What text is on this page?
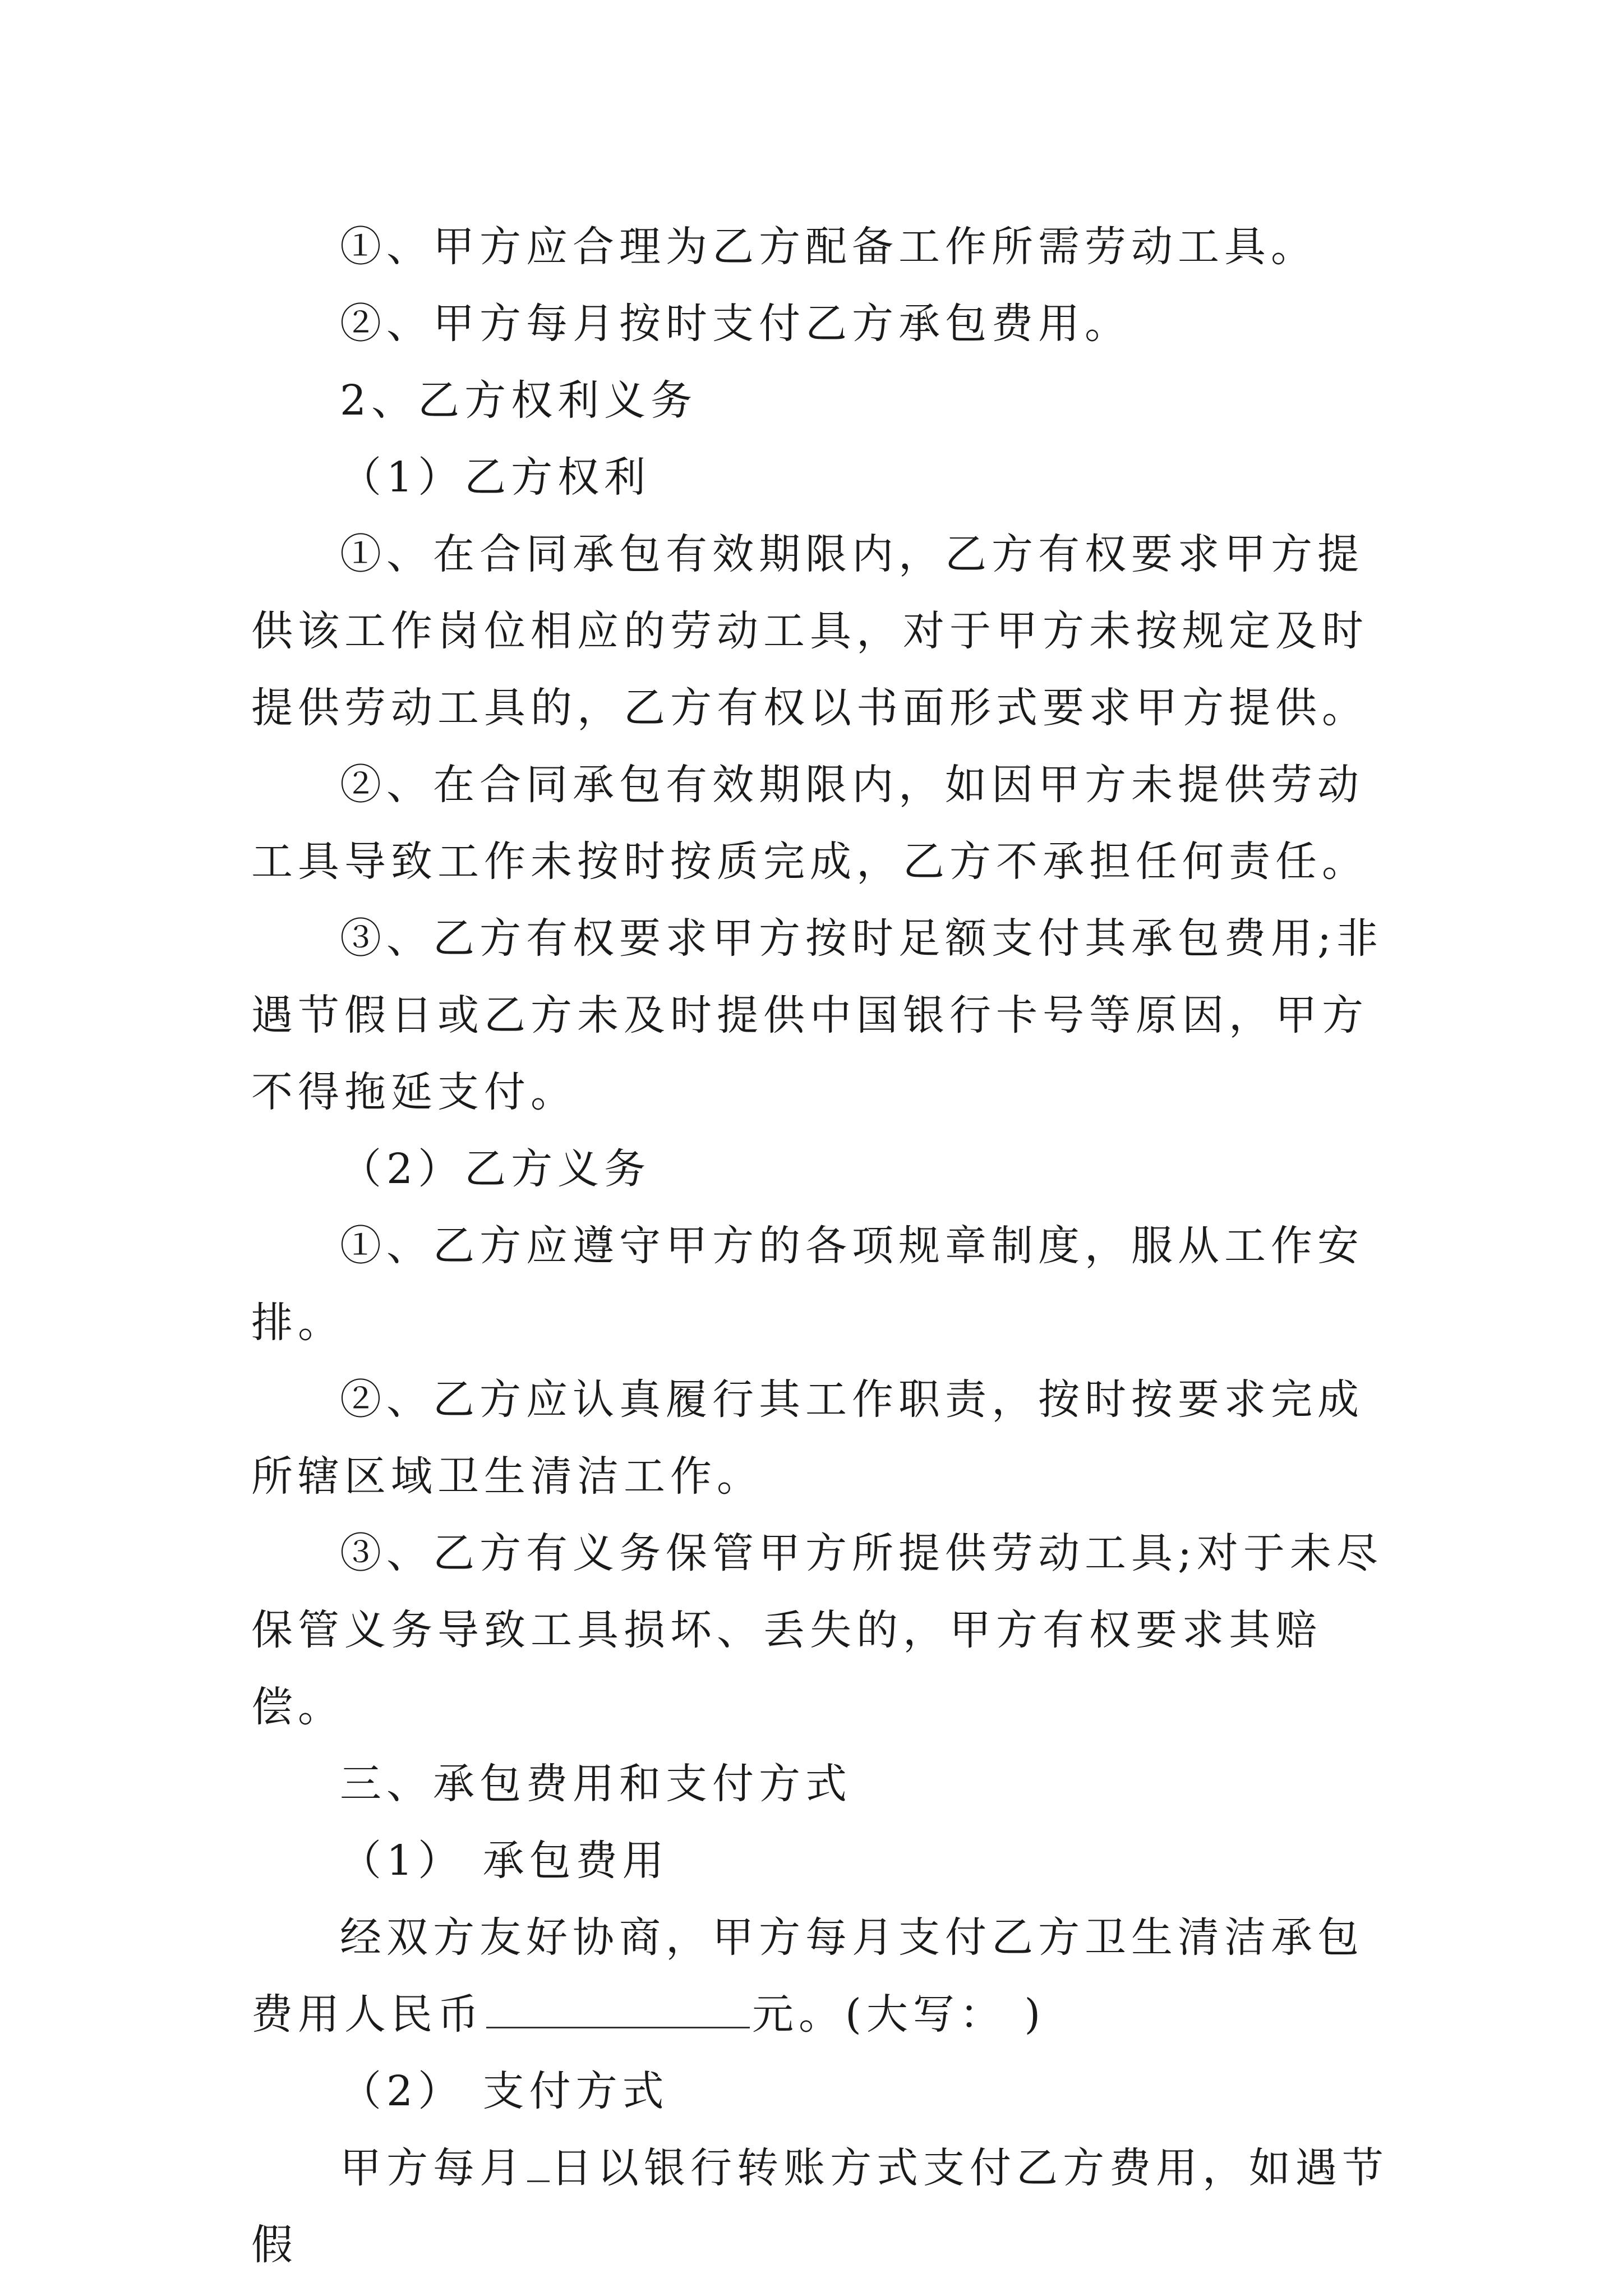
①、甲方应合理为乙方配备工作所需劳动工具。

②、甲方每月按时支付乙方承包费用。

2、乙方权利义务

（1）乙方权利

①、在合同承包有效期限内，乙方有权要求甲方提供该工作岗位相应的劳动工具，对于甲方未按规定及时提供劳动工具的，乙方有权以书面形式要求甲方提供。

②、在合同承包有效期限内，如因甲方未提供劳动工具导致工作未按时按质完成，乙方不承担任何责任。

③、乙方有权要求甲方按时足额支付其承包费用;非遇节假日或乙方未及时提供中国银行卡号等原因，甲方不得拖延支付。

（2）乙方义务

①、乙方应遵守甲方的各项规章制度，服从工作安排。

②、乙方应认真履行其工作职责，按时按要求完成所辖区域卫生清洁工作。

③、乙方有义务保管甲方所提供劳动工具;对于未尽保管义务导致工具损坏、丢失的，甲方有权要求其赔偿。

三、承包费用和支付方式

（1） 承包费用

经双方友好协商，甲方每月支付乙方卫生清洁承包费用人民币	元。(大写： )

（2） 支付方式

甲方每月 日以银行转账方式支付乙方费用，如遇节假
